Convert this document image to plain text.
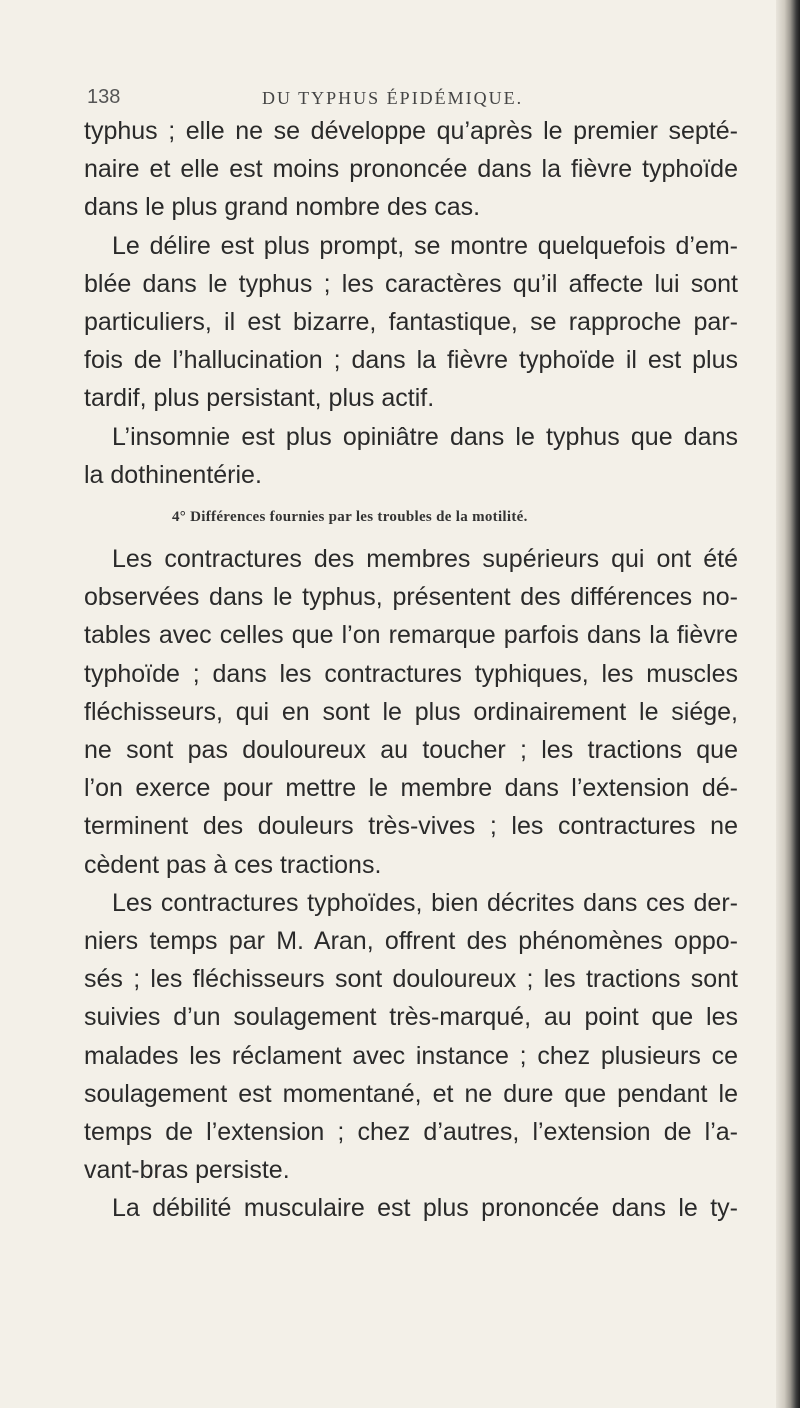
138	DU TYPHUS ÉPIDÉMIQUE.
typhus ; elle ne se développe qu’après le premier septé-
naire et elle est moins prononcée dans la fièvre typhoïde
dans le plus grand nombre des cas.
Le délire est plus prompt, se montre quelquefois d’em-
blée dans le typhus ; les caractères qu’il affecte lui sont
particuliers, il est bizarre, fantastique, se rapproche par-
fois de l’hallucination ; dans la fièvre typhoïde il est plus
tardif, plus persistant, plus actif.
L’insomnie est plus opiniâtre dans le typhus que dans
la dothinentérie.
4° Différences fournies par les troubles de la motilité.
Les contractures des membres supérieurs qui ont été
observées dans le typhus, présentent des différences no-
tables avec celles que l’on remarque parfois dans la fièvre
typhoïde ; dans les contractures typhiques, les muscles
fléchisseurs, qui en sont le plus ordinairement le siége,
ne sont pas douloureux au toucher ; les tractions que
l’on exerce pour mettre le membre dans l’extension dé-
terminent des douleurs très-vives ; les contractures ne
cèdent pas à ces tractions.
Les contractures typhoïdes, bien décrites dans ces der-
niers temps par M. Aran, offrent des phénomènes oppo-
sés ; les fléchisseurs sont douloureux ; les tractions sont
suivies d’un soulagement très-marqué, au point que les
malades les réclament avec instance ; chez plusieurs ce
soulagement est momentané, et ne dure que pendant le
temps de l’extension ; chez d’autres, l’extension de l’a-
vant-bras persiste.
La débilité musculaire est plus prononcée dans le ty-
